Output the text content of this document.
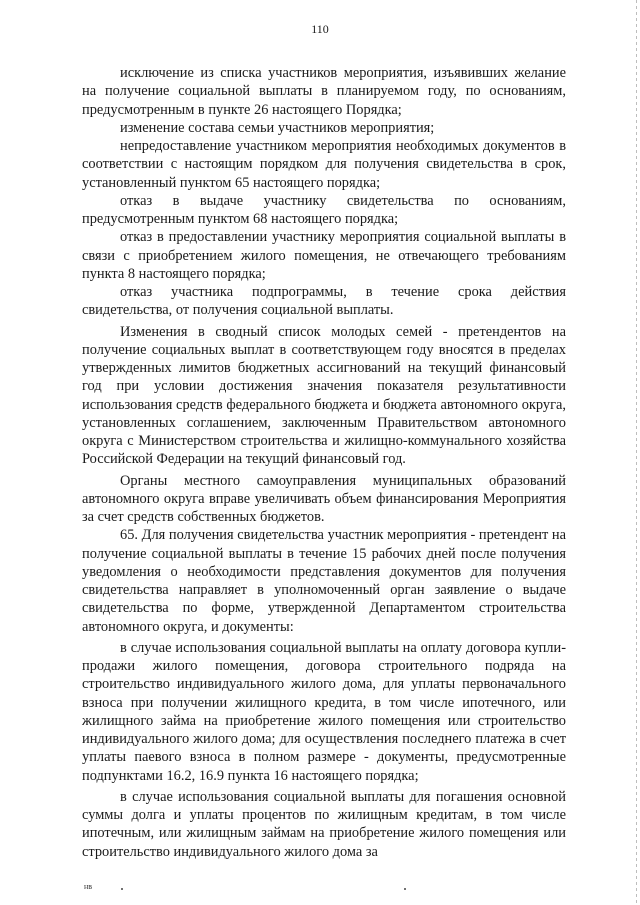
110

исключение из списка участников мероприятия, изъявивших желание на получение социальной выплаты в планируемом году, по основаниям, предусмотренным в пункте 26 настоящего Порядка;

изменение состава семьи участников мероприятия;

непредоставление участником мероприятия необходимых документов в соответствии с настоящим порядком для получения свидетельства в срок, установленный пунктом 65 настоящего порядка;

отказ в выдаче участнику свидетельства по основаниям, предусмотренным пунктом 68 настоящего порядка;

отказ в предоставлении участнику мероприятия социальной выплаты в связи с приобретением жилого помещения, не отвечающего требованиям пункта 8 настоящего порядка;

отказ участника подпрограммы, в течение срока действия свидетельства, от получения социальной выплаты.

Изменения в сводный список молодых семей - претендентов на получение социальных выплат в соответствующем году вносятся в пределах утвержденных лимитов бюджетных ассигнований на текущий финансовый год при условии достижения значения показателя результативности использования средств федерального бюджета и бюджета автономного округа, установленных соглашением, заключенным Правительством автономного округа с Министерством строительства и жилищно-коммунального хозяйства Российской Федерации на текущий финансовый год.

Органы местного самоуправления муниципальных образований автономного округа вправе увеличивать объем финансирования Мероприятия за счет средств собственных бюджетов.

65. Для получения свидетельства участник мероприятия - претендент на получение социальной выплаты в течение 15 рабочих дней после получения уведомления о необходимости представления документов для получения свидетельства направляет в уполномоченный орган заявление о выдаче свидетельства по форме, утвержденной Департаментом строительства автономного округа, и документы:

в случае использования социальной выплаты на оплату договора купли-продажи жилого помещения, договора строительного подряда на строительство индивидуального жилого дома, для уплаты первоначального взноса при получении жилищного кредита, в том числе ипотечного, или жилищного займа на приобретение жилого помещения или строительство индивидуального жилого дома; для осуществления последнего платежа в счет уплаты паевого взноса в полном размере - документы, предусмотренные подпунктами 16.2, 16.9 пункта 16 настоящего порядка;

в случае использования социальной выплаты для погашения основной суммы долга и уплаты процентов по жилищным кредитам, в том числе ипотечным, или жилищным займам на приобретение жилого помещения или строительство индивидуального жилого дома за

нв
